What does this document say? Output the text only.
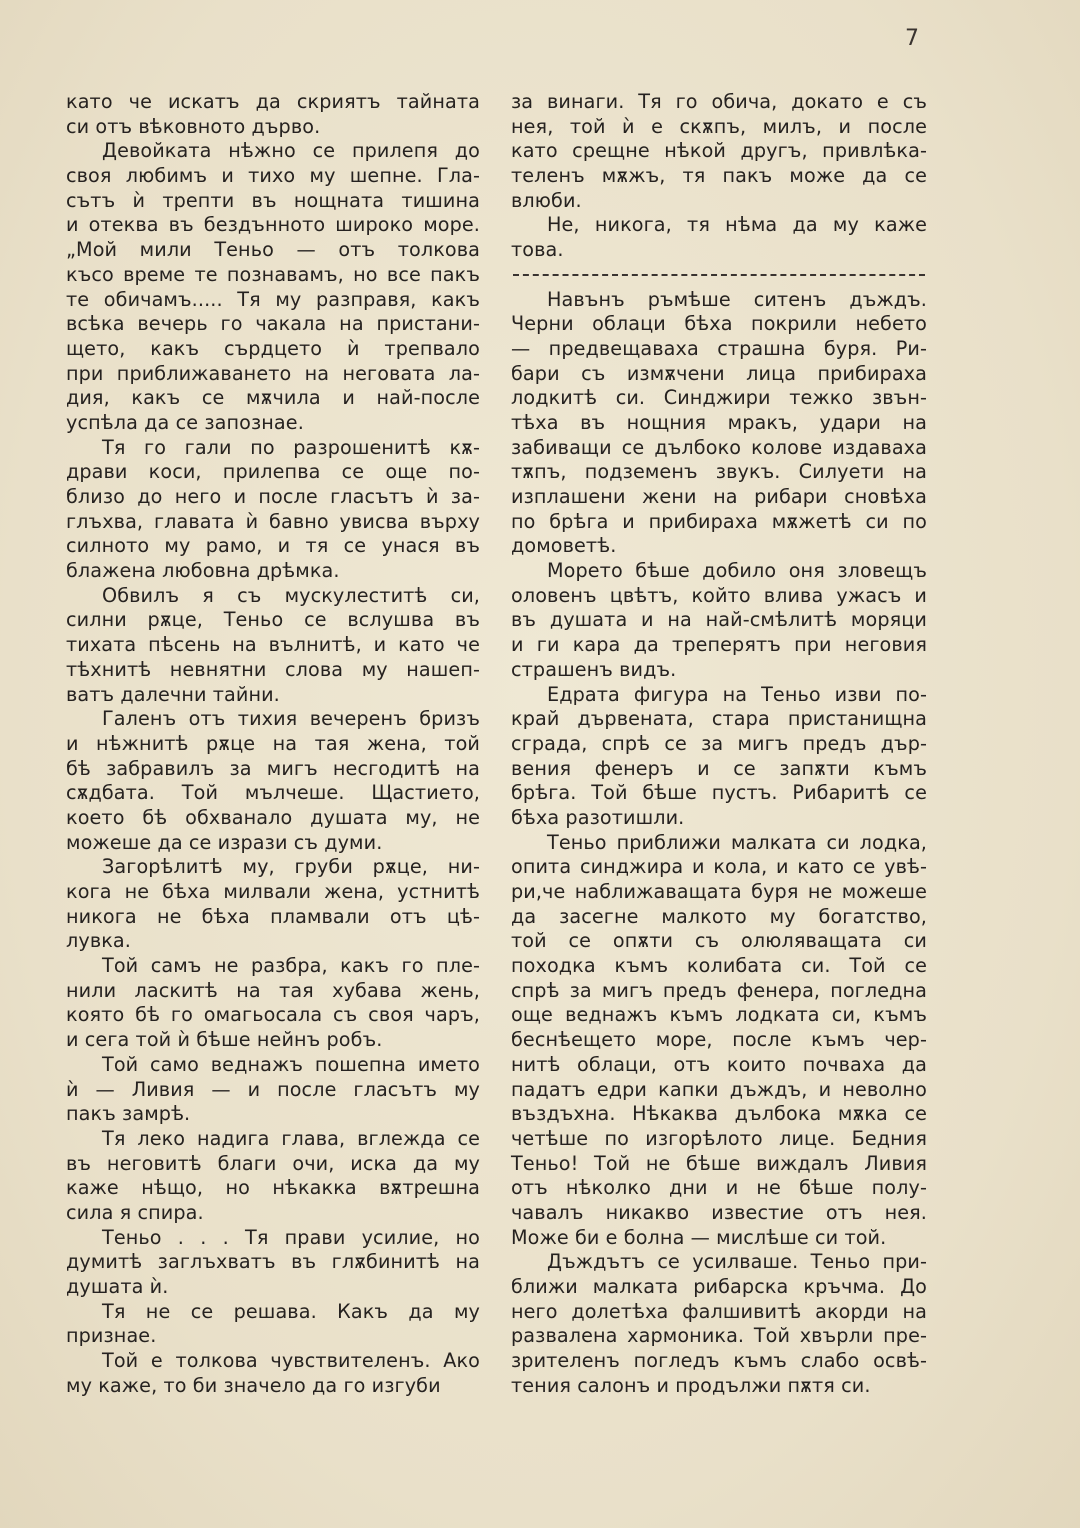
7
като че искатъ да скриятъ тайната
си отъ вѣковното дърво.
Девойката нѣжно се прилепя до
своя любимъ и тихо му шепне. Гла-
сътъ ѝ трепти въ нощната тишина
и отеква въ бездънното широко море.
„Мой мили Теньо — отъ толкова
късо време те познавамъ, но все пакъ
те обичамъ..... Тя му разправя, какъ
всѣка вечерь го чакала на пристани-
щето, какъ сърдцето ѝ трепвало
при приближаването на неговата ла-
дия, какъ се мѫчила и най-после
успѣла да се запознае.
Тя го гали по разрошенитѣ кѫ-
драви коси, прилепва се още по-
близо до него и после гласътъ ѝ за-
глъхва, главата ѝ бавно увисва върху
силното му рамо, и тя се унася въ
блажена любовна дрѣмка.
Обвилъ я съ мускулеститѣ си,
силни рѫце, Теньо се вслушва въ
тихата пѣсень на вълнитѣ, и като че
тѣхнитѣ невнятни слова му нашеп-
ватъ далечни тайни.
Галенъ отъ тихия вечеренъ бризъ
и нѣжнитѣ рѫце на тая жена, той
бѣ забравилъ за мигъ несгодитѣ на
сѫдбата. Той мълчеше. Щастието,
което бѣ обхванало душата му, не
можеше да се изрази съ думи.
Загорѣлитѣ му, груби рѫце, ни-
кога не бѣха милвали жена, устнитѣ
никога не бѣха пламвали отъ цѣ-
лувка.
Той самъ не разбра, какъ го пле-
нили ласкитѣ на тая хубава жень,
която бѣ го омагьосала съ своя чаръ,
и сега той ѝ бѣше нейнъ робъ.
Той само веднажъ пошепна името
ѝ — Ливия — и после гласътъ му
пакъ замрѣ.
Тя леко надига глава, вглежда се
въ неговитѣ благи очи, иска да му
каже нѣщо, но нѣкакка вѫтрешна
сила я спира.
Теньо . . . Тя прави усилие, но
думитѣ заглъхватъ въ глѫбинитѣ на
душата ѝ.
Тя не се решава. Какъ да му
признае.
Той е толкова чувствителенъ. Ако
му каже, то би значело да го изгуби
за винаги. Тя го обича, докато е съ
нея, той ѝ е скѫпъ, милъ, и после
като срещне нѣкой другъ, привлѣка-
теленъ мѫжъ, тя пакъ може да се
влюби.
Не, никога, тя нѣма да му каже
това.
Навънъ ръмѣше ситенъ дъждъ.
Черни облаци бѣха покрили небето
— предвещаваха страшна буря. Ри-
бари съ измѫчени лица прибираха
лодкитѣ си. Синджири тежко звън-
тѣха въ нощния мракъ, удари на
забиващи се дълбоко колове издаваха
тѫпъ, подземенъ звукъ. Силуети на
изплашени жени на рибари сновѣха
по брѣга и прибираха мѫжетѣ си по
домоветѣ.
Морето бѣше добило оня зловещъ
оловенъ цвѣтъ, който влива ужасъ и
въ душата и на най-смѣлитѣ моряци
и ги кара да треперятъ при неговия
страшенъ видъ.
Едрата фигура на Теньо изви по-
край дървената, стара пристанищна
сграда, спрѣ се за мигъ предъ дър-
вения фенеръ и се запѫти къмъ
брѣга. Той бѣше пустъ. Рибаритѣ се
бѣха разотишли.
Теньо приближи малката си лодка,
опита синджира и кола, и като се увѣ-
ри,че наближаващата буря не можеше
да засегне малкото му богатство,
той се опѫти съ олюляващата си
походка къмъ колибата си. Той се
спрѣ за мигъ предъ фенера, погледна
още веднажъ къмъ лодката си, къмъ
беснѣещето море, после къмъ чер-
нитѣ облаци, отъ които почваха да
падатъ едри капки дъждъ, и неволно
въздъхна. Нѣкаква дълбока мѫка се
четѣше по изгорѣлото лице. Бедния
Теньо! Той не бѣше виждалъ Ливия
отъ нѣколко дни и не бѣше полу-
чавалъ никакво известие отъ нея.
Може би е болна — мислѣше си той.
Дъждътъ се усилваше. Теньо при-
ближи малката рибарска кръчма. До
него долетѣха фалшивитѣ акорди на
развалена хармоника. Той хвърли пре-
зрителенъ погледъ къмъ слабо освѣ-
тения салонъ и продължи пѫтя си.
